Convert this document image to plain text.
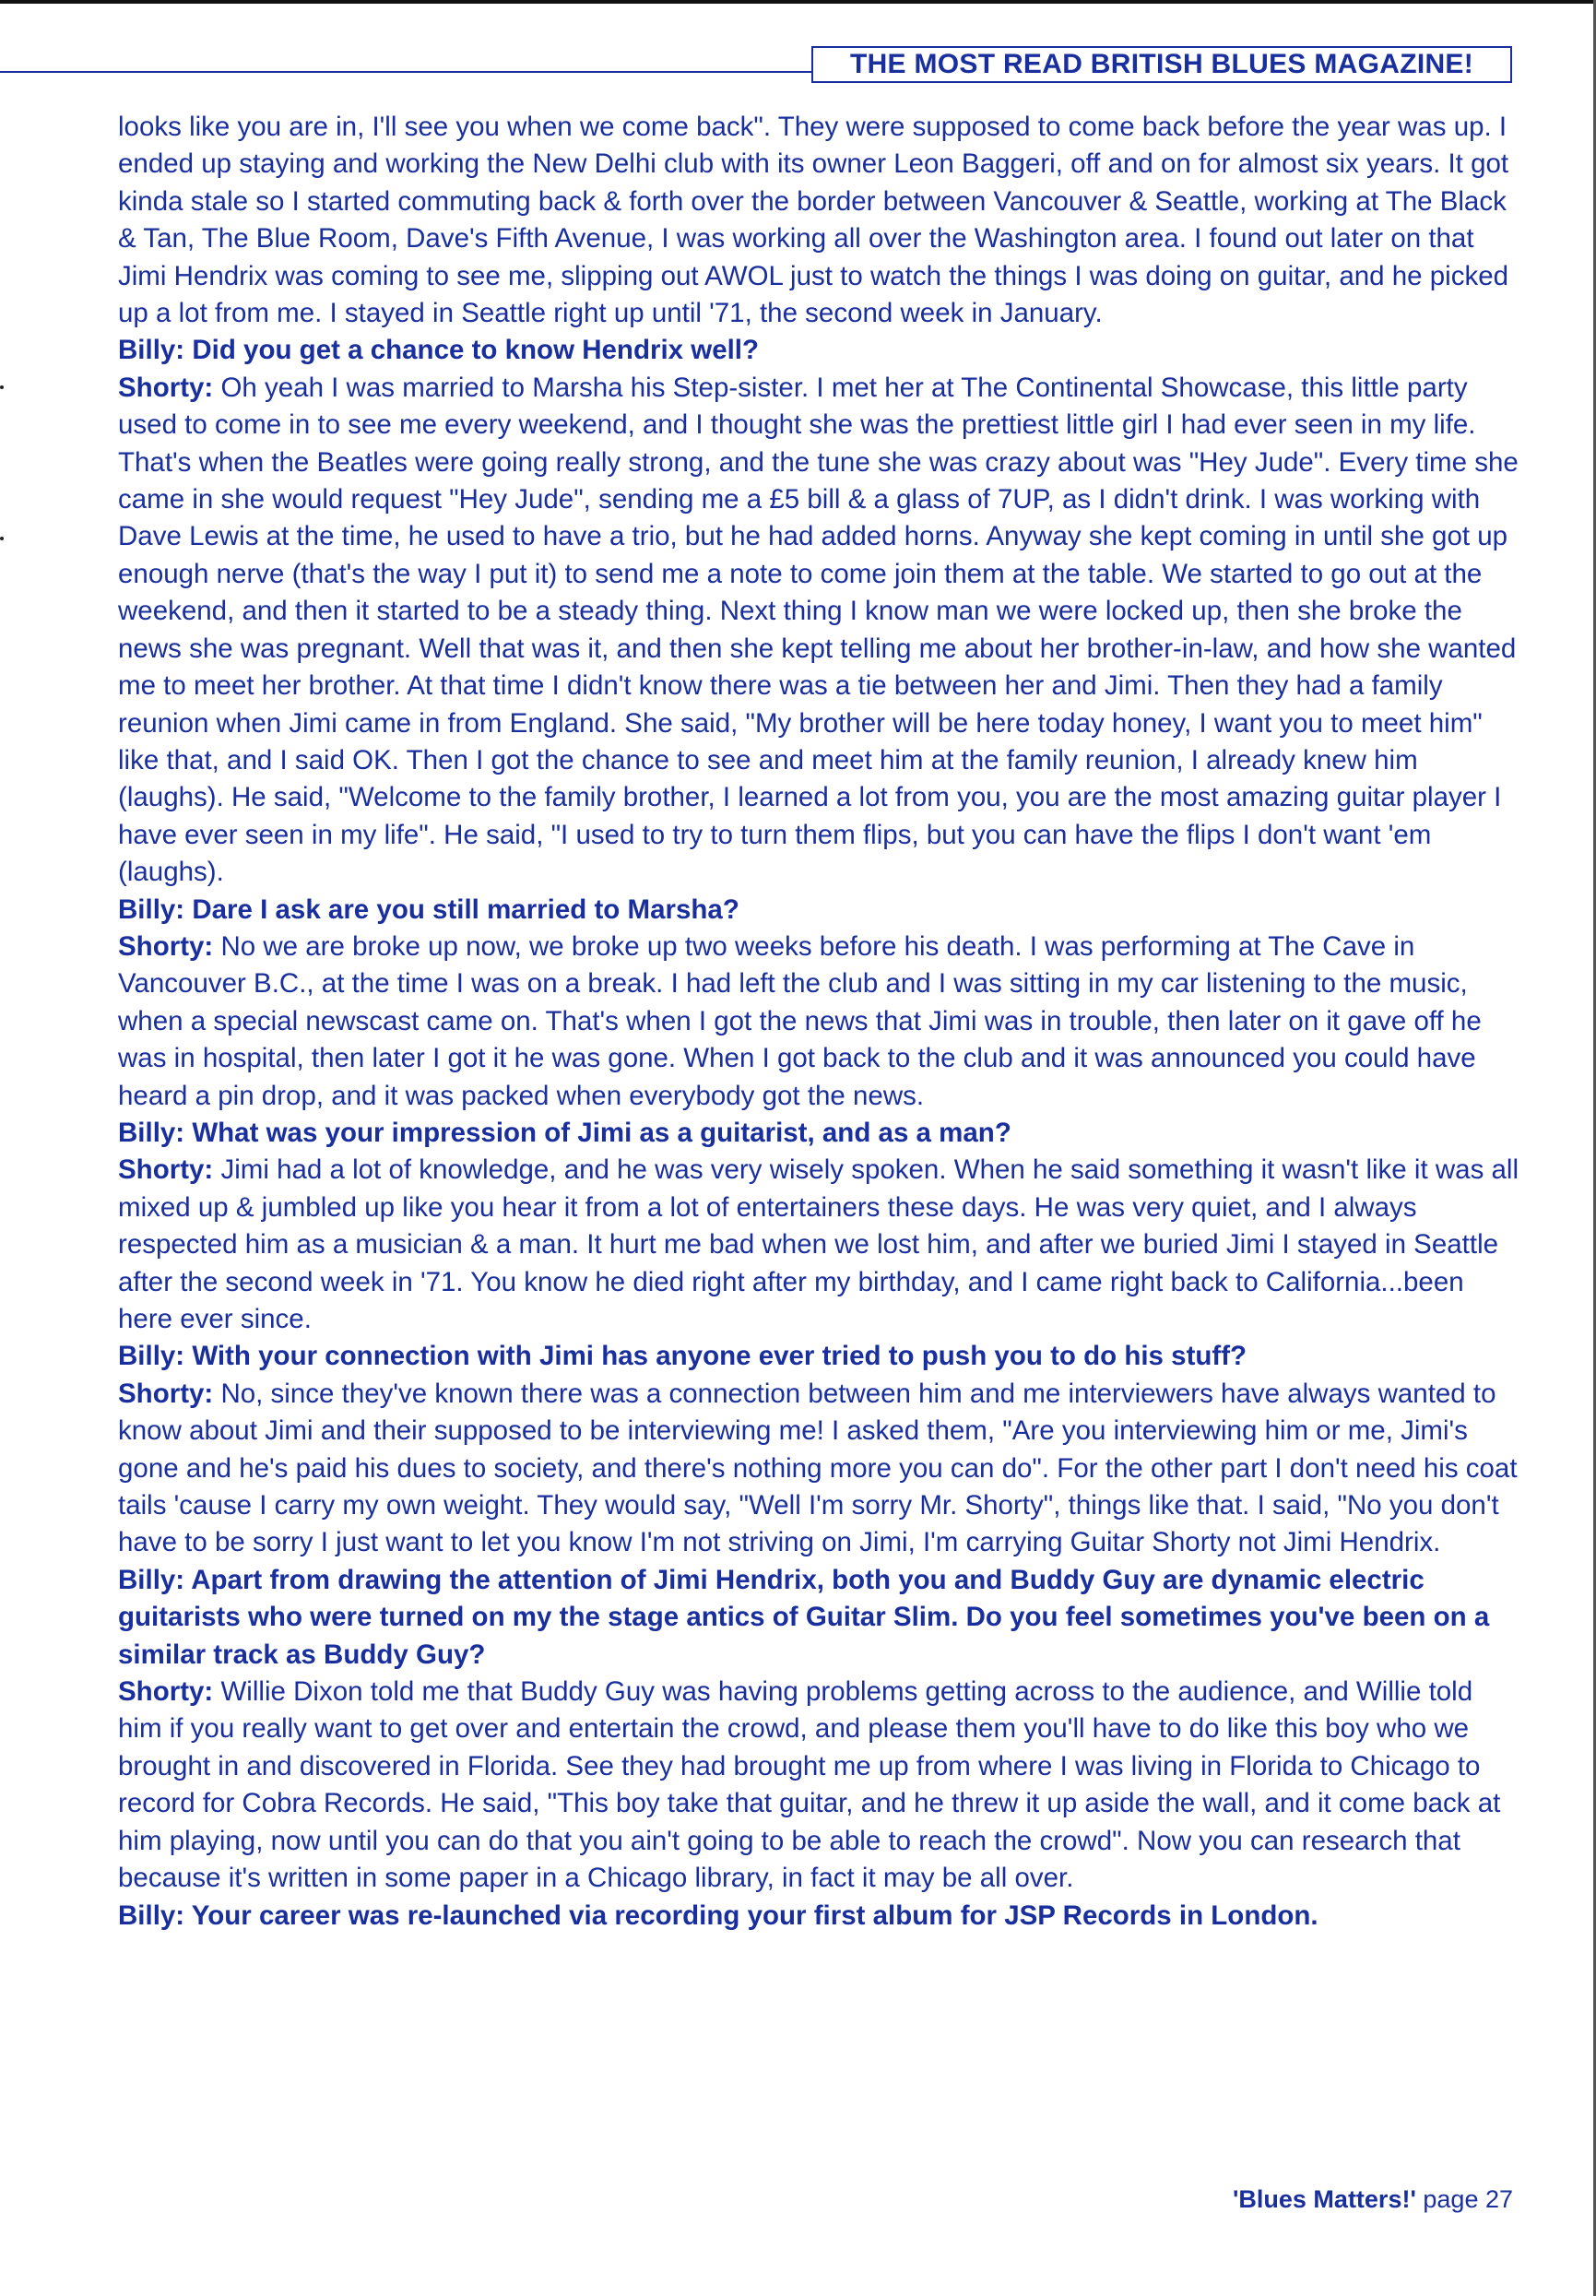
THE MOST READ BRITISH BLUES MAGAZINE!

looks like you are in, I'll see you when we come back". They were supposed to come back before the year was up. I ended up staying and working the New Delhi club with its owner Leon Baggeri, off and on for almost six years. It got kinda stale so I started commuting back & forth over the border between Vancouver & Seattle, working at The Black & Tan, The Blue Room, Dave's Fifth Avenue, I was working all over the Washington area. I found out later on that Jimi Hendrix was coming to see me, slipping out AWOL just to watch the things I was doing on guitar, and he picked up a lot from me. I stayed in Seattle right up until '71, the second week in January.

Billy: Did you get a chance to know Hendrix well?

Shorty: Oh yeah I was married to Marsha his Step-sister. I met her at The Continental Showcase, this little party used to come in to see me every weekend, and I thought she was the prettiest little girl I had ever seen in my life. That's when the Beatles were going really strong, and the tune she was crazy about was "Hey Jude". Every time she came in she would request "Hey Jude", sending me a £5 bill & a glass of 7UP, as I didn't drink. I was working with Dave Lewis at the time, he used to have a trio, but he had added horns. Anyway she kept coming in until she got up enough nerve (that's the way I put it) to send me a note to come join them at the table. We started to go out at the weekend, and then it started to be a steady thing. Next thing I know man we were locked up, then she broke the news she was pregnant. Well that was it, and then she kept telling me about her brother-in-law, and how she wanted me to meet her brother. At that time I didn't know there was a tie between her and Jimi. Then they had a family reunion when Jimi came in from England. She said, "My brother will be here today honey, I want you to meet him" like that, and I said OK. Then I got the chance to see and meet him at the family reunion, I already knew him (laughs). He said, "Welcome to the family brother, I learned a lot from you, you are the most amazing guitar player I have ever seen in my life". He said, "I used to try to turn them flips, but you can have the flips I don't want 'em (laughs).

Billy: Dare I ask are you still married to Marsha?

Shorty: No we are broke up now, we broke up two weeks before his death. I was performing at The Cave in Vancouver B.C., at the time I was on a break. I had left the club and I was sitting in my car listening to the music, when a special newscast came on. That's when I got the news that Jimi was in trouble, then later on it gave off he was in hospital, then later I got it he was gone. When I got back to the club and it was announced you could have heard a pin drop, and it was packed when everybody got the news.

Billy: What was your impression of Jimi as a guitarist, and as a man?

Shorty: Jimi had a lot of knowledge, and he was very wisely spoken. When he said something it wasn't like it was all mixed up & jumbled up like you hear it from a lot of entertainers these days. He was very quiet, and I always respected him as a musician & a man. It hurt me bad when we lost him, and after we buried Jimi I stayed in Seattle after the second week in '71. You know he died right after my birthday, and I came right back to California...been here ever since.

Billy: With your connection with Jimi has anyone ever tried to push you to do his stuff?

Shorty: No, since they've known there was a connection between him and me interviewers have always wanted to know about Jimi and their supposed to be interviewing me! I asked them, "Are you interviewing him or me, Jimi's gone and he's paid his dues to society, and there's nothing more you can do". For the other part I don't need his coat tails 'cause I carry my own weight. They would say, "Well I'm sorry Mr. Shorty", things like that. I said, "No you don't have to be sorry I just want to let you know I'm not striving on Jimi, I'm carrying Guitar Shorty not Jimi Hendrix.

Billy: Apart from drawing the attention of Jimi Hendrix, both you and Buddy Guy are dynamic electric guitarists who were turned on my the stage antics of Guitar Slim. Do you feel sometimes you've been on a similar track as Buddy Guy?

Shorty: Willie Dixon told me that Buddy Guy was having problems getting across to the audience, and Willie told him if you really want to get over and entertain the crowd, and please them you'll have to do like this boy who we brought in and discovered in Florida. See they had brought me up from where I was living in Florida to Chicago to record for Cobra Records. He said, "This boy take that guitar, and he threw it up aside the wall, and it come back at him playing, now until you can do that you ain't going to be able to reach the crowd". Now you can research that because it's written in some paper in a Chicago library, in fact it may be all over.

Billy: Your career was re-launched via recording your first album for JSP Records in London.

'Blues Matters!' page 27
